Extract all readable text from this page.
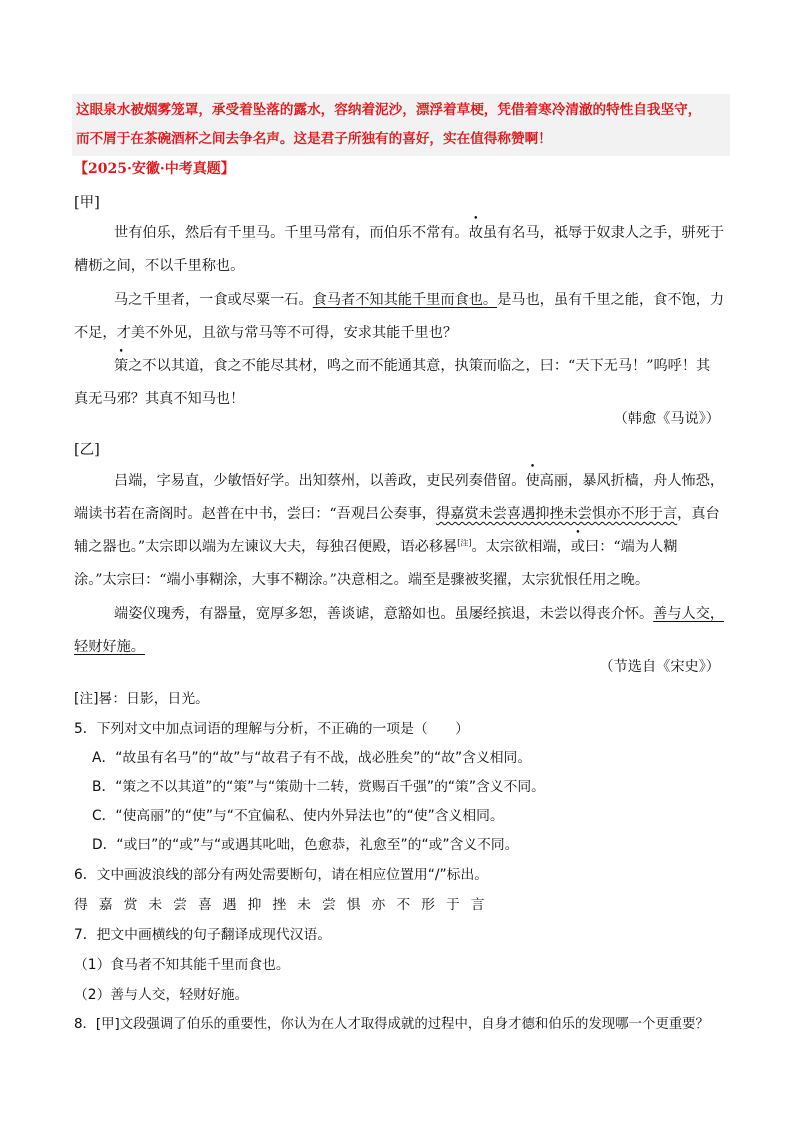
这眼泉水被烟雾笼罩，承受着坠落的露水，容纳着泥沙，漂浮着草梗，凭借着寒冷清澈的特性自我坚守，
而不屑于在茶碗酒杯之间去争名声。这是君子所独有的喜好，实在值得称赞啊！
【2025·安徽·中考真题】
[甲]
世有伯乐，然后有千里马。千里马常有，而伯乐不常有。故虽有名马，祗辱于奴隶人之手，骈死于
槽枥之间，不以千里称也。
马之千里者，一食或尽粟一石。食马者不知其能千里而食也。是马也，虽有千里之能，食不饱，力
不足，才美不外见，且欲与常马等不可得，安求其能千里也？
策之不以其道，食之不能尽其材，鸣之而不能通其意，执策而临之，曰：“天下无马！”呜呼！其
真无马邪？其真不知马也！
（韩愈《马说》）
[乙]
吕端，字易直，少敏悟好学。出知蔡州，以善政，吏民列奏借留。使高丽，暴风折樯，舟人怖恐，
端读书若在斋阁时。赵普在中书，尝曰：“吾观吕公奏事，得嘉赏未尝喜遇抑挫未尝惧亦不形于言，真台
辅之器也。”太宗即以端为左谏议大夫，每独召便殿，语必移晷[注]。太宗欲相端，或曰：“端为人糊
涂。”太宗曰：“端小事糊涂，大事不糊涂。”决意相之。端至是骤被奖擢，太宗犹恨任用之晚。
端姿仪瑰秀，有器量，宽厚多恕，善谈谑，意豁如也。虽屡经摈退，未尝以得丧介怀。善与人交，
轻财好施。
（节选自《宋史》）
[注]晷：日影，日光。
5．下列对文中加点词语的理解与分析，不正确的一项是（　　）
A．“故虽有名马”的“故”与“故君子有不战，战必胜矣”的“故”含义相同。
B．“策之不以其道”的“策”与“策勋十二转，赏赐百千强”的“策”含义不同。
C．“使高丽”的“使”与“不宜偏私、使内外异法也”的“使”含义相同。
D．“或曰”的“或”与“或遇其叱咄，色愈恭，礼愈至”的“或”含义不同。
6．文中画波浪线的部分有两处需要断句，请在相应位置用“/”标出。
得嘉赏未尝喜遇抑挫未尝惧亦不形于言
7．把文中画横线的句子翻译成现代汉语。
（1）食马者不知其能千里而食也。
（2）善与人交，轻财好施。
8．[甲]文段强调了伯乐的重要性，你认为在人才取得成就的过程中，自身才德和伯乐的发现哪一个更重要？
